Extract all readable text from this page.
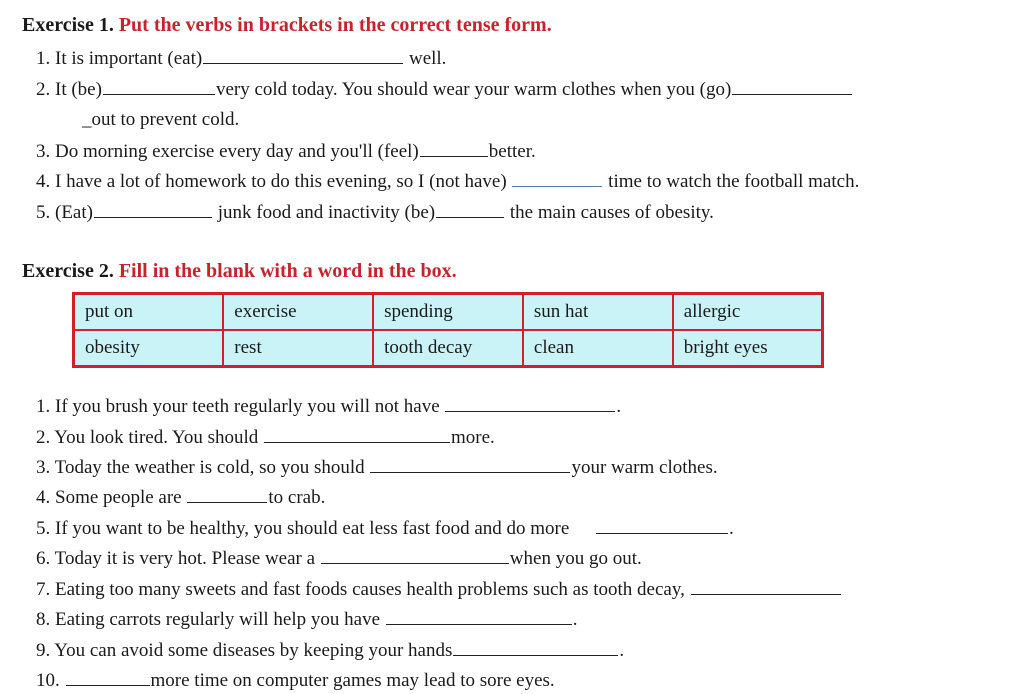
Exercise 1. Put the verbs in brackets in the correct tense form.
1. It is important (eat)	well.
2. It (be)	very cold today. You should wear your warm clothes when you (go)
_out to prevent cold.
3. Do morning exercise every day and you'll (feel)	better.
4. I have a lot of homework to do this evening, so I (not have)	time to watch the football match.
5. (Eat)	junk food and inactivity (be)	the main causes of obesity.
Exercise 2. Fill in the blank with a word in the box.
put on	exercise	spending	sun hat	allergic
obesity	rest	tooth decay	clean	bright eyes
1. If you brush your teeth regularly you will not have	.
2. You look tired. You should	more.
3. Today the weather is cold, so you should	your warm clothes.
4. Some people are	to crab.
5. If you want to be healthy, you should eat less fast food and do more	.
6. Today it is very hot. Please wear a	when you go out.
7. Eating too many sweets and fast foods causes health problems such as tooth decay,
8. Eating carrots regularly will help you have	.
9. You can avoid some diseases by keeping your hands	.
10.	more time on computer games may lead to sore eyes.
